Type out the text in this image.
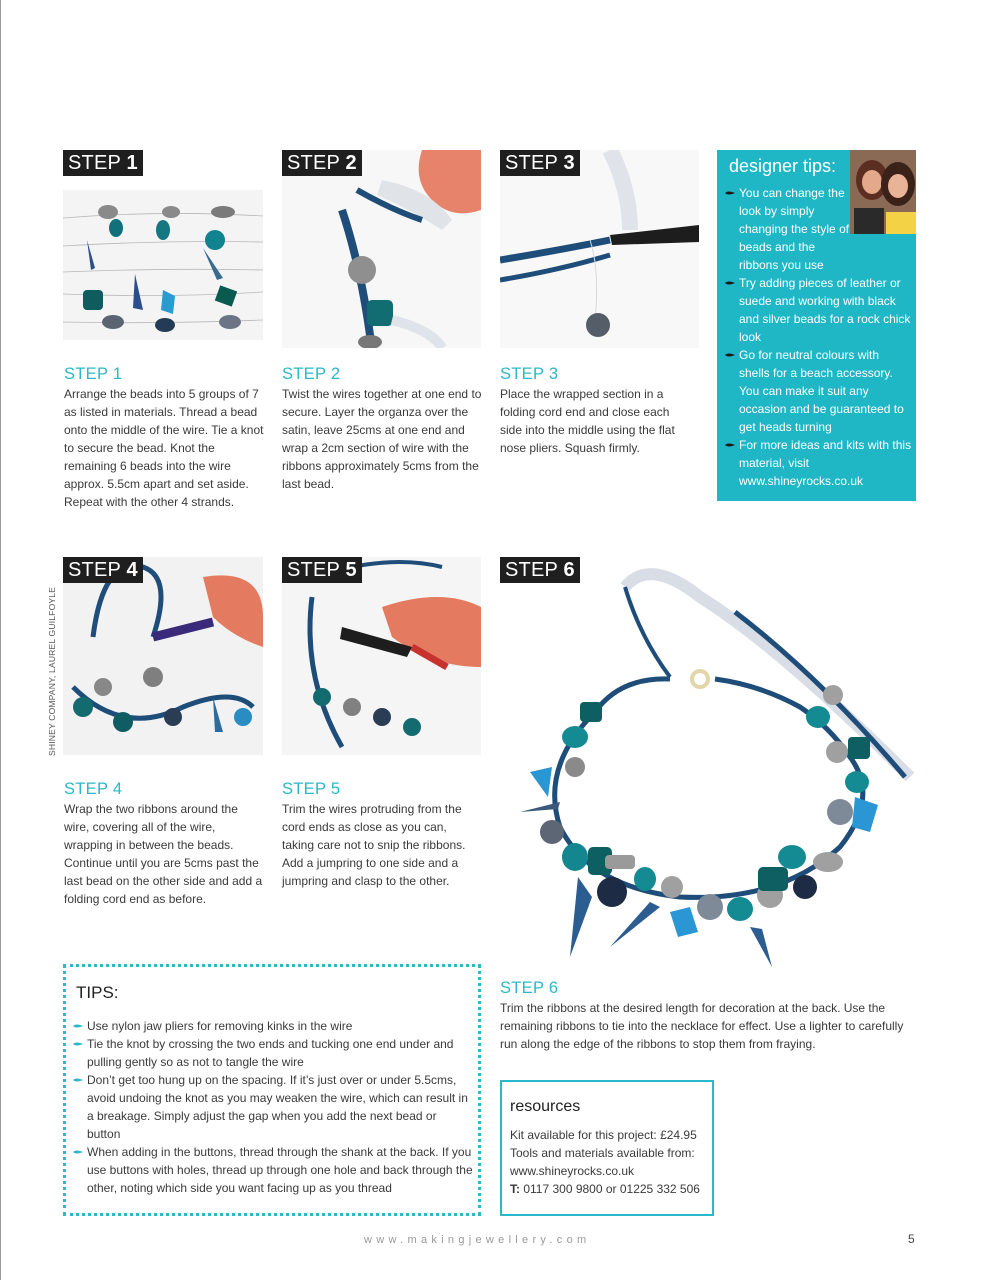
STEP 1	STEP 2	STEP 3	designer tips:
You can change the look by simply changing the style of beads and the ribbons you use
Try adding pieces of leather or suede and working with black and silver beads for a rock chick look
Go for neutral colours with shells for a beach accessory. You can make it suit any occasion and be guaranteed to get heads turning
For more ideas and kits with this material, visit www.shineyrocks.co.uk
STEP 1
Arrange the beads into 5 groups of 7 as listed in materials. Thread a bead onto the middle of the wire. Tie a knot to secure the bead. Knot the remaining 6 beads into the wire approx. 5.5cm apart and set aside. Repeat with the other 4 strands.
STEP 2
Twist the wires together at one end to secure. Layer the organza over the satin, leave 25cms at one end and wrap a 2cm section of wire with the ribbons approximately 5cms from the last bead.
STEP 3
Place the wrapped section in a folding cord end and close each side into the middle using the flat nose pliers. Squash firmly.
SHINEY COMPANY, LAUREL GUILFOYLE
STEP 4	STEP 5	STEP 6
STEP 4
Wrap the two ribbons around the wire, covering all of the wire, wrapping in between the beads. Continue until you are 5cms past the last bead on the other side and add a folding cord end as before.
STEP 5
Trim the wires protruding from the cord ends as close as you can, taking care not to snip the ribbons. Add a jumpring to one side and a jumpring and clasp to the other.
TIPS:
Use nylon jaw pliers for removing kinks in the wire
Tie the knot by crossing the two ends and tucking one end under and pulling gently so as not to tangle the wire
Don’t get too hung up on the spacing. If it’s just over or under 5.5cms, avoid undoing the knot as you may weaken the wire, which can result in a breakage. Simply adjust the gap when you add the next bead or button
When adding in the buttons, thread through the shank at the back. If you use buttons with holes, thread up through one hole and back through the other, noting which side you want facing up as you thread
STEP 6
Trim the ribbons at the desired length for decoration at the back. Use the remaining ribbons to tie into the necklace for effect. Use a lighter to carefully run along the edge of the ribbons to stop them from fraying.
resources
Kit available for this project: £24.95
Tools and materials available from:
www.shineyrocks.co.uk
T: 0117 300 9800 or 01225 332 506
www.makingjewellery.com	5
